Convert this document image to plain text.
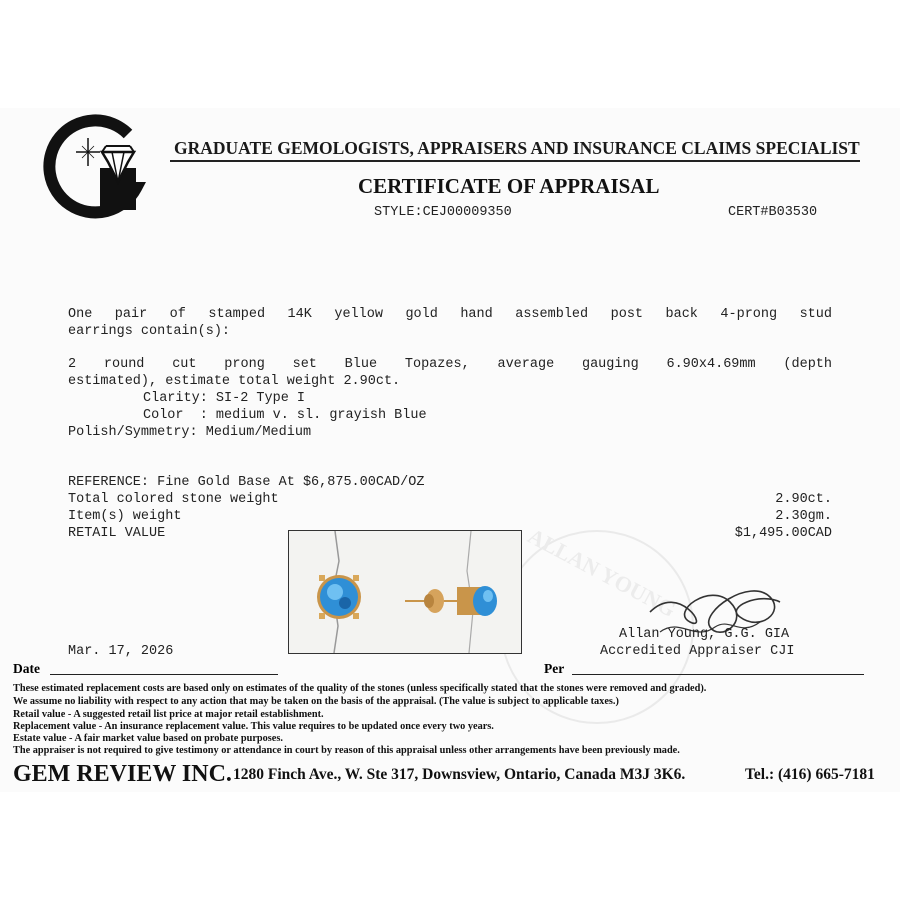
GRADUATE GEMOLOGISTS, APPRAISERS AND INSURANCE CLAIMS SPECIALIST
CERTIFICATE OF APPRAISAL
STYLE:CEJ00009350	CERT#B03530
One pair of stamped 14K yellow gold hand assembled post back 4-prong stud
earrings contain(s):
2 round cut prong set Blue Topazes, average gauging 6.90x4.69mm (depth
estimated), estimate total weight 2.90ct.
Clarity: SI-2 Type I
Color  : medium v. sl. grayish Blue
Polish/Symmetry: Medium/Medium
REFERENCE: Fine Gold Base At $6,875.00CAD/OZ
Total colored stone weight	2.90ct.
Item(s) weight	2.30gm.
RETAIL VALUE	$1,495.00CAD
ALLAN YOUNG
Mar. 17, 2026
Date
Allan Young, G.G. GIA
Accredited Appraiser CJI
Per
These estimated replacement costs are based only on estimates of the quality of the stones (unless specifically stated that the stones were removed and graded).
We assume no liability with respect to any action that may be taken on the basis of the appraisal. (The value is subject to applicable taxes.)
Retail value - A suggested retail list price at major retail establishment.
Replacement value - An insurance replacement value. This value requires to be updated once every two years.
Estate value - A fair market value based on probate purposes.
The appraiser is not required to give testimony or attendance in court by reason of this appraisal unless other arrangements have been previously made.
GEM REVIEW INC. 1280 Finch Ave., W. Ste 317, Downsview, Ontario, Canada M3J 3K6.	Tel.: (416) 665-7181
